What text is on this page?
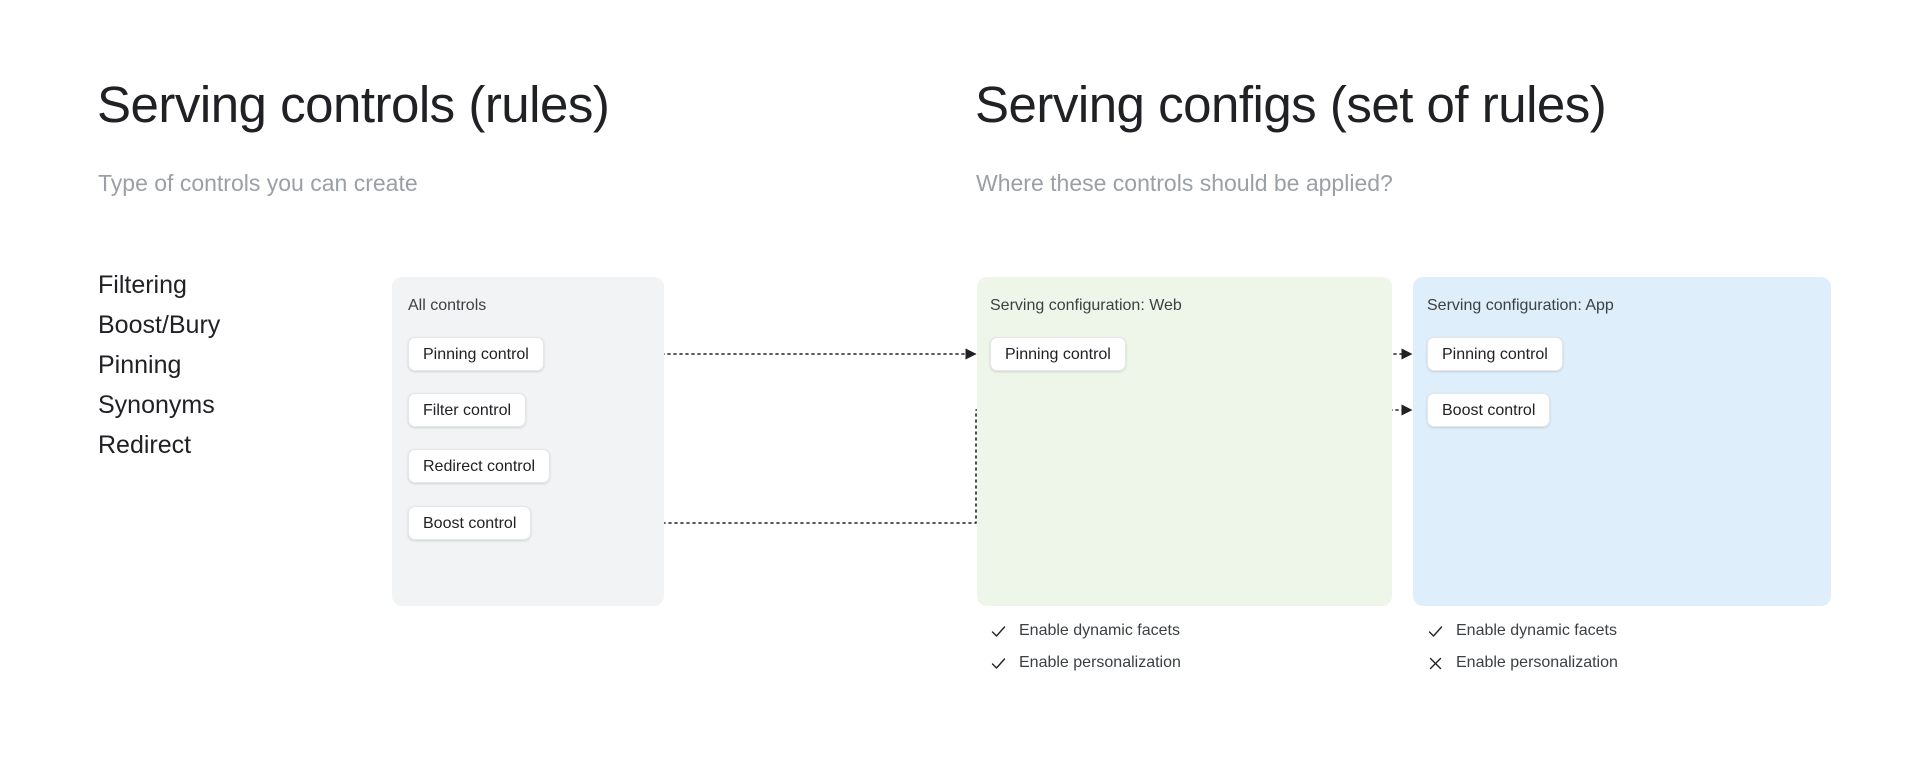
Serving controls (rules)
Type of controls you can create
Serving configs (set of rules)
Where these controls should be applied?
Filtering
Boost/Bury
Pinning
Synonyms
Redirect
All controls
Pinning control
Filter control
Redirect control
Boost control
Serving configuration: Web
Pinning control
Enable dynamic facets
Enable personalization
Serving configuration: App
Pinning control
Boost control
Enable dynamic facets
Enable personalization
